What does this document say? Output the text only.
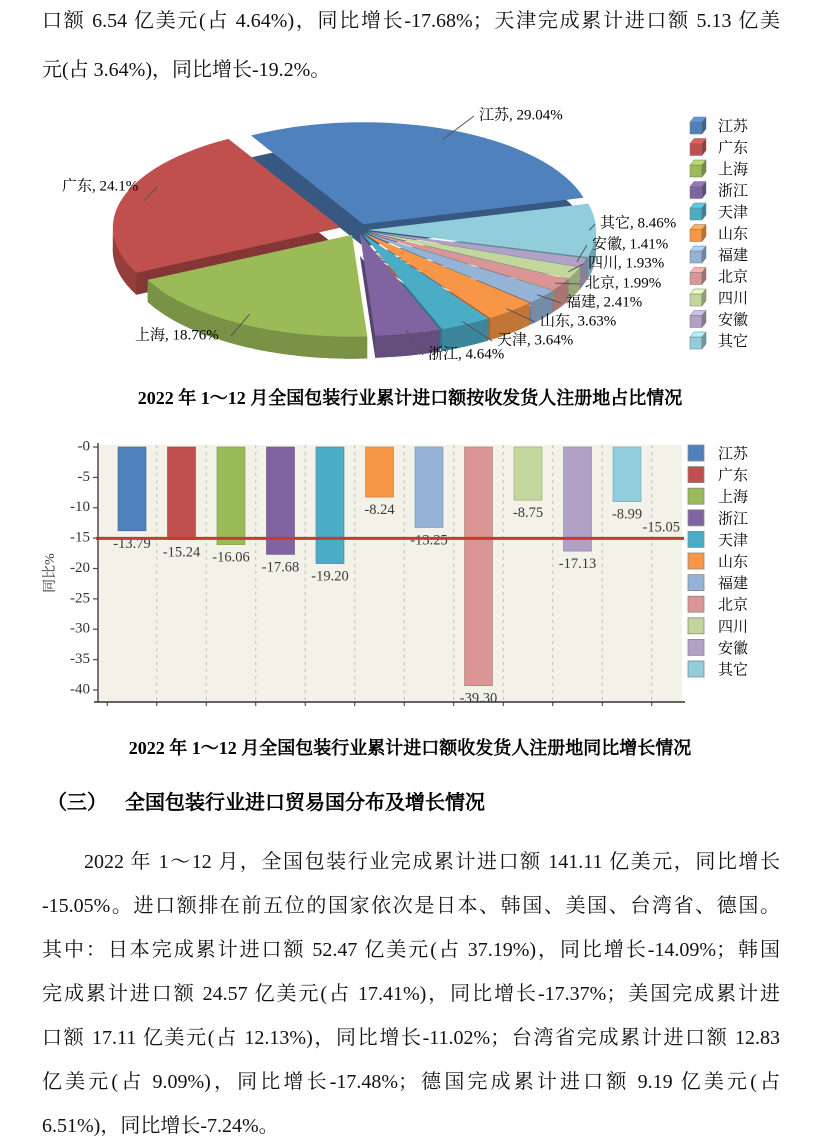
口额 6.54 亿美元(占 4.64%)，同比增长-17.68%；天津完成累计进口额 5.13 亿美
元(占 3.64%)，同比增长-19.2%。
江苏, 29.04%
广东, 24.1%
上海, 18.76%
浙江, 4.64%
天津, 3.64%
山东, 3.63%
福建, 2.41%
北京, 1.99%
四川, 1.93%
安徽, 1.41%
其它, 8.46%
江苏
广东
上海
浙江
天津
山东
福建
北京
四川
安徽
其它
2022 年 1～12 月全国包装行业累计进口额按收发货人注册地占比情况
-0
-5
-10
-15
-20
-25
-30
-35
-40
同比%
-13.79
-15.24 -16.06
-17.68
-19.20
-8.24
-13.25
-39.30
-8.75
-17.13
-8.99
-15.05
江苏
广东
上海
浙江
天津
山东
福建
北京
四川
安徽
其它
2022 年 1～12 月全国包装行业累计进口额收发货人注册地同比增长情况
（三） 全国包装行业进口贸易国分布及增长情况
2022 年 1～12 月，全国包装行业完成累计进口额 141.11 亿美元，同比增长
-15.05%。进口额排在前五位的国家依次是日本、韩国、美国、台湾省、德国。
其中：日本完成累计进口额 52.47 亿美元(占 37.19%)，同比增长-14.09%；韩国
完成累计进口额 24.57 亿美元(占 17.41%)，同比增长-17.37%；美国完成累计进
口额 17.11 亿美元(占 12.13%)，同比增长-11.02%；台湾省完成累计进口额 12.83
亿美元(占 9.09%)，同比增长-17.48%；德国完成累计进口额 9.19 亿美元(占
6.51%)，同比增长-7.24%。
